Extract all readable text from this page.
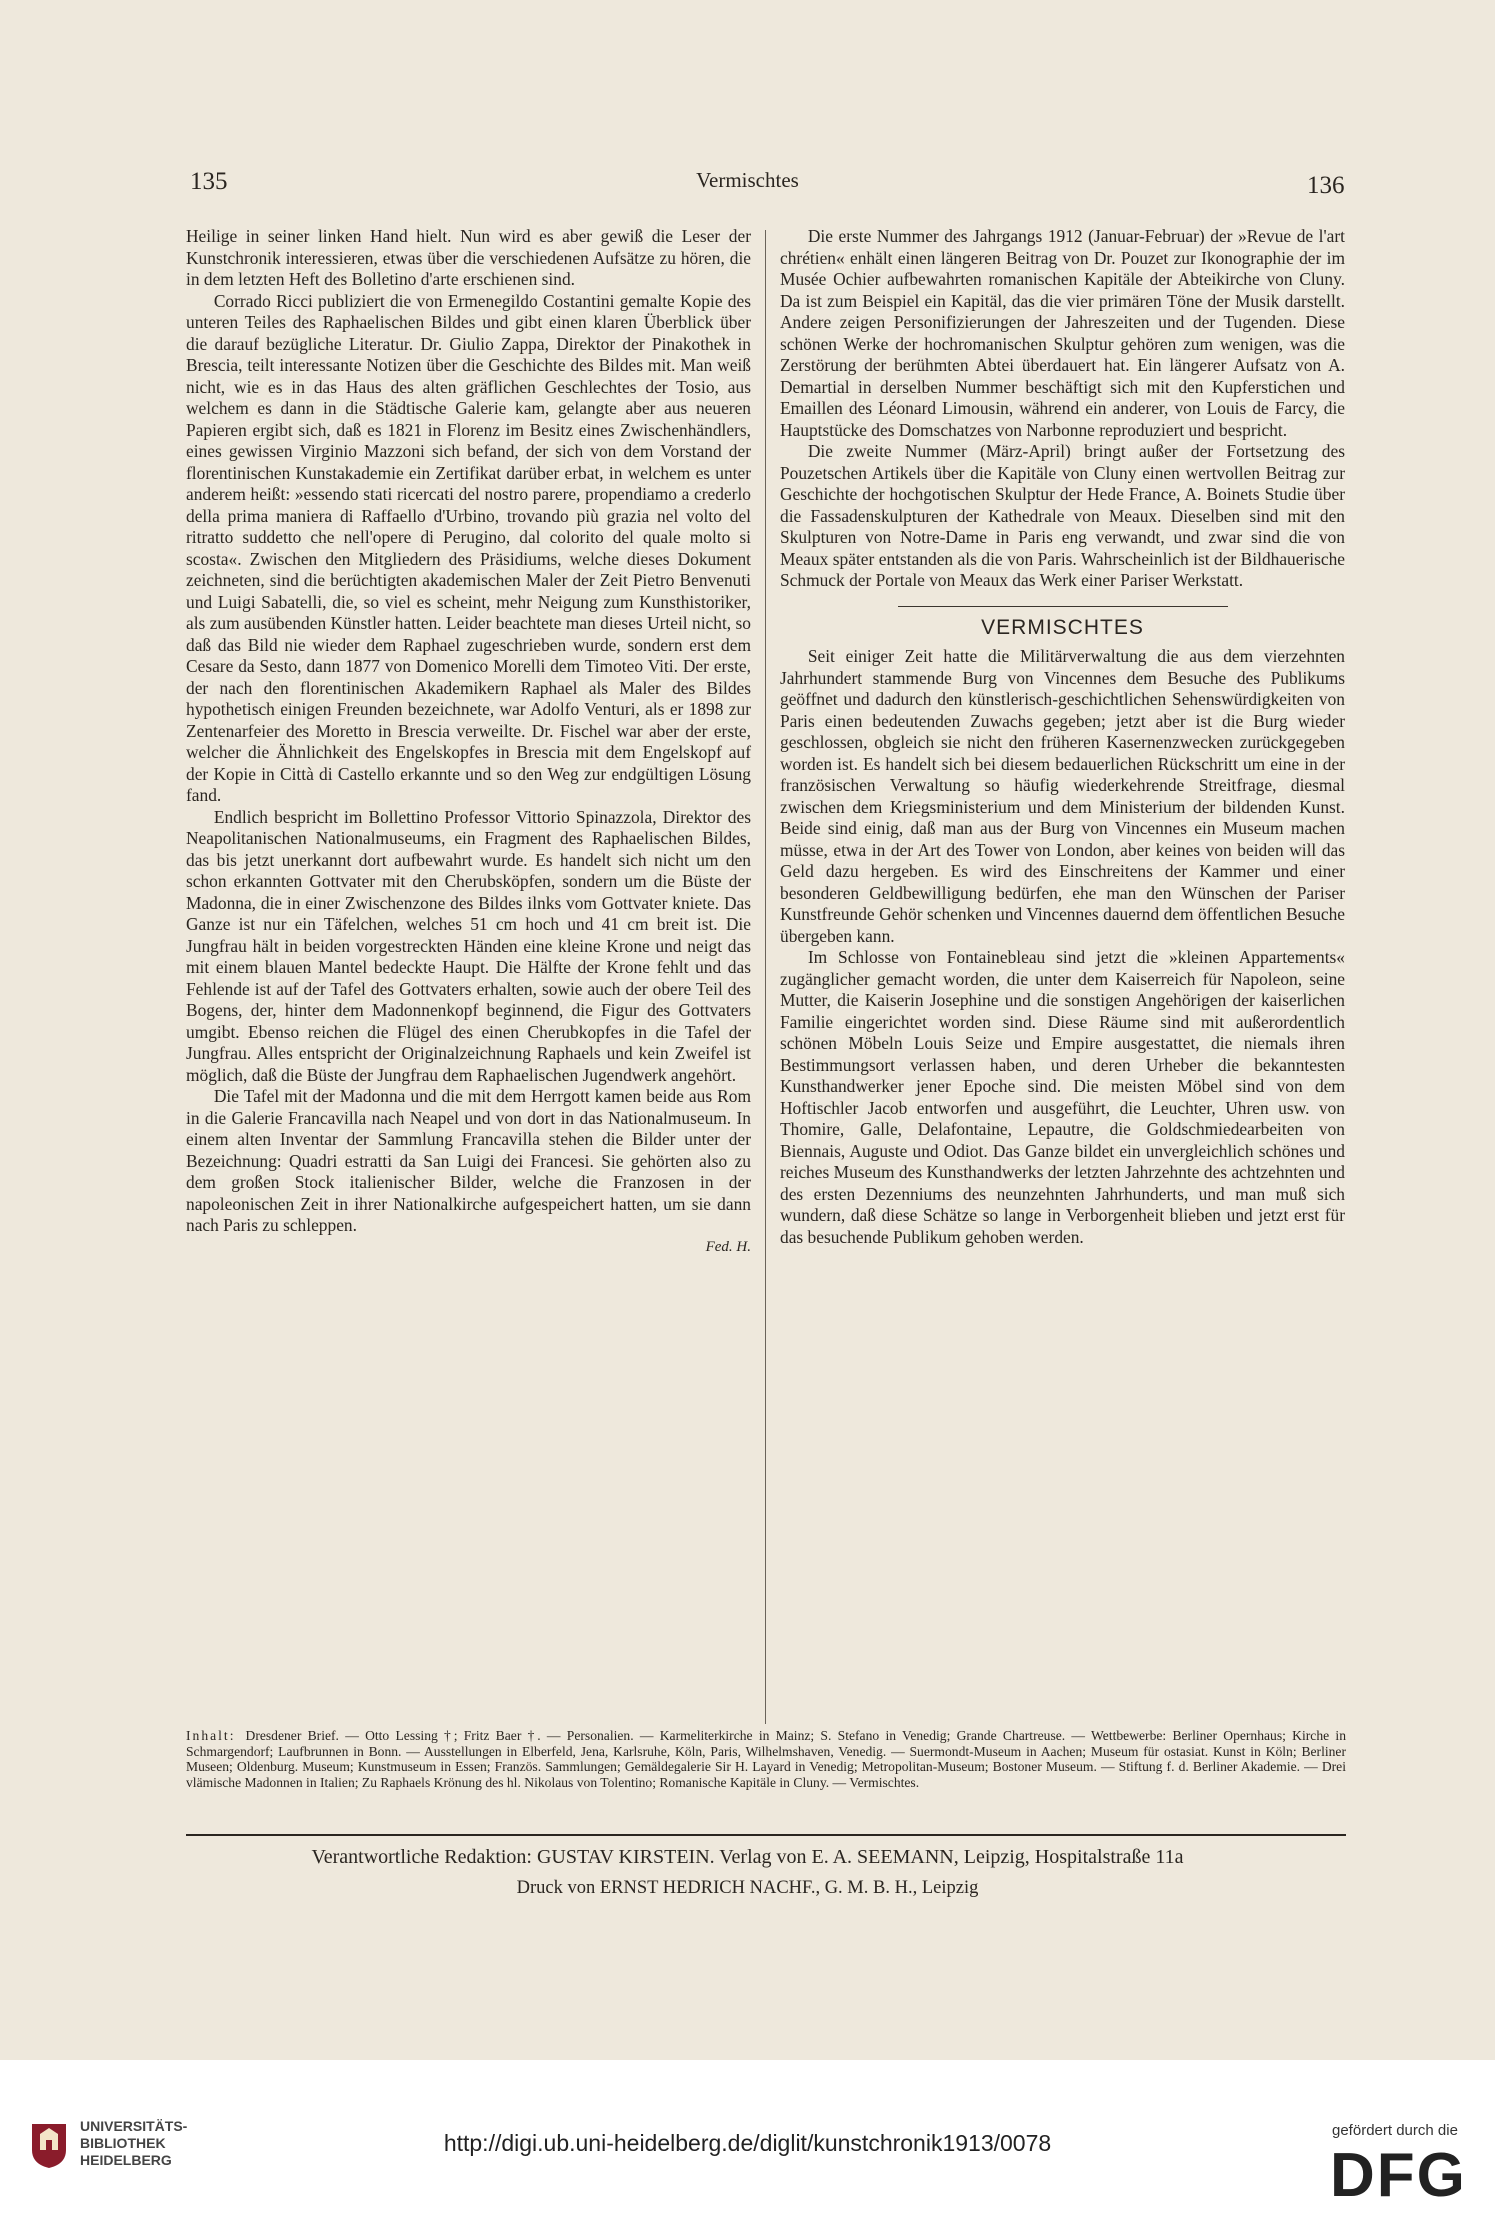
135	Vermischtes	136

Heilige in seiner linken Hand hielt. Nun wird es aber gewiß die Leser der Kunstchronik interessieren, etwas über die verschiedenen Aufsätze zu hören, die in dem letzten Heft des Bolletino d'arte erschienen sind.

Corrado Ricci publiziert die von Ermenegildo Costantini gemalte Kopie des unteren Teiles des Raphaelischen Bildes und gibt einen klaren Überblick über die darauf bezügliche Literatur. Dr. Giulio Zappa, Direktor der Pinakothek in Brescia, teilt interessante Notizen über die Geschichte des Bildes mit. Man weiß nicht, wie es in das Haus des alten gräflichen Geschlechtes der Tosio, aus welchem es dann in die Städtische Galerie kam, gelangte aber aus neueren Papieren ergibt sich, daß es 1821 in Florenz im Besitz eines Zwischenhändlers, eines gewissen Virginio Mazzoni sich befand, der sich von dem Vorstand der florentinischen Kunstakademie ein Zertifikat darüber erbat, in welchem es unter anderem heißt: »essendo stati ricercati del nostro parere, propendiamo a crederlo della prima maniera di Raffaello d'Urbino, trovando più grazia nel volto del ritratto suddetto che nell'opere di Perugino, dal colorito del quale molto si scosta«. Zwischen den Mitgliedern des Präsidiums, welche dieses Dokument zeichneten, sind die berüchtigten akademischen Maler der Zeit Pietro Benvenuti und Luigi Sabatelli, die, so viel es scheint, mehr Neigung zum Kunsthistoriker, als zum ausübenden Künstler hatten. Leider beachtete man dieses Urteil nicht, so daß das Bild nie wieder dem Raphael zugeschrieben wurde, sondern erst dem Cesare da Sesto, dann 1877 von Domenico Morelli dem Timoteo Viti. Der erste, der nach den florentinischen Akademikern Raphael als Maler des Bildes hypothetisch einigen Freunden bezeichnete, war Adolfo Venturi, als er 1898 zur Zentenarfeier des Moretto in Brescia verweilte. Dr. Fischel war aber der erste, welcher die Ähnlichkeit des Engelskopfes in Brescia mit dem Engelskopf auf der Kopie in Città di Castello erkannte und so den Weg zur endgültigen Lösung fand.

Endlich bespricht im Bollettino Professor Vittorio Spinazzola, Direktor des Neapolitanischen Nationalmuseums, ein Fragment des Raphaelischen Bildes, das bis jetzt unerkannt dort aufbewahrt wurde. Es handelt sich nicht um den schon erkannten Gottvater mit den Cherubsköpfen, sondern um die Büste der Madonna, die in einer Zwischenzone des Bildes ilnks vom Gottvater kniete. Das Ganze ist nur ein Täfelchen, welches 51 cm hoch und 41 cm breit ist. Die Jungfrau hält in beiden vorgestreckten Händen eine kleine Krone und neigt das mit einem blauen Mantel bedeckte Haupt. Die Hälfte der Krone fehlt und das Fehlende ist auf der Tafel des Gottvaters erhalten, sowie auch der obere Teil des Bogens, der, hinter dem Madonnenkopf beginnend, die Figur des Gottvaters umgibt. Ebenso reichen die Flügel des einen Cherubkopfes in die Tafel der Jungfrau. Alles entspricht der Originalzeichnung Raphaels und kein Zweifel ist möglich, daß die Büste der Jungfrau dem Raphaelischen Jugendwerk angehört.

Die Tafel mit der Madonna und die mit dem Herrgott kamen beide aus Rom in die Galerie Francavilla nach Neapel und von dort in das Nationalmuseum. In einem alten Inventar der Sammlung Francavilla stehen die Bilder unter der Bezeichnung: Quadri estratti da San Luigi dei Francesi. Sie gehörten also zu dem großen Stock italienischer Bilder, welche die Franzosen in der napoleonischen Zeit in ihrer Nationalkirche aufgespeichert hatten, um sie dann nach Paris zu schleppen.

Fed. H.

Die erste Nummer des Jahrgangs 1912 (Januar-Februar) der »Revue de l'art chrétien« enhält einen längeren Beitrag von Dr. Pouzet zur Ikonographie der im Musée Ochier aufbewahrten romanischen Kapitäle der Abteikirche von Cluny. Da ist zum Beispiel ein Kapitäl, das die vier primären Töne der Musik darstellt. Andere zeigen Personifizierungen der Jahreszeiten und der Tugenden. Diese schönen Werke der hochromanischen Skulptur gehören zum wenigen, was die Zerstörung der berühmten Abtei überdauert hat. Ein längerer Aufsatz von A. Demartial in derselben Nummer beschäftigt sich mit den Kupferstichen und Emaillen des Léonard Limousin, während ein anderer, von Louis de Farcy, die Hauptstücke des Domschatzes von Narbonne reproduziert und bespricht.

Die zweite Nummer (März-April) bringt außer der Fortsetzung des Pouzetschen Artikels über die Kapitäle von Cluny einen wertvollen Beitrag zur Geschichte der hochgotischen Skulptur der Hede France, A. Boinets Studie über die Fassadenskulpturen der Kathedrale von Meaux. Dieselben sind mit den Skulpturen von Notre-Dame in Paris eng verwandt, und zwar sind die von Meaux später entstanden als die von Paris. Wahrscheinlich ist der Bildhauerische Schmuck der Portale von Meaux das Werk einer Pariser Werkstatt.

VERMISCHTES

Seit einiger Zeit hatte die Militärverwaltung die aus dem vierzehnten Jahrhundert stammende Burg von Vincennes dem Besuche des Publikums geöffnet und dadurch den künstlerisch-geschichtlichen Sehenswürdigkeiten von Paris einen bedeutenden Zuwachs gegeben; jetzt aber ist die Burg wieder geschlossen, obgleich sie nicht den früheren Kasernenzwecken zurückgegeben worden ist. Es handelt sich bei diesem bedauerlichen Rückschritt um eine in der französischen Verwaltung so häufig wiederkehrende Streitfrage, diesmal zwischen dem Kriegsministerium und dem Ministerium der bildenden Kunst. Beide sind einig, daß man aus der Burg von Vincennes ein Museum machen müsse, etwa in der Art des Tower von London, aber keines von beiden will das Geld dazu hergeben. Es wird des Einschreitens der Kammer und einer besonderen Geldbewilligung bedürfen, ehe man den Wünschen der Pariser Kunstfreunde Gehör schenken und Vincennes dauernd dem öffentlichen Besuche übergeben kann.

Im Schlosse von Fontainebleau sind jetzt die »kleinen Appartements« zugänglicher gemacht worden, die unter dem Kaiserreich für Napoleon, seine Mutter, die Kaiserin Josephine und die sonstigen Angehörigen der kaiserlichen Familie eingerichtet worden sind. Diese Räume sind mit außerordentlich schönen Möbeln Louis Seize und Empire ausgestattet, die niemals ihren Bestimmungsort verlassen haben, und deren Urheber die bekanntesten Kunsthandwerker jener Epoche sind. Die meisten Möbel sind von dem Hoftischler Jacob entworfen und ausgeführt, die Leuchter, Uhren usw. von Thomire, Galle, Delafontaine, Lepautre, die Goldschmiedearbeiten von Biennais, Auguste und Odiot. Das Ganze bildet ein unvergleichlich schönes und reiches Museum des Kunsthandwerks der letzten Jahrzehnte des achtzehnten und des ersten Dezenniums des neunzehnten Jahrhunderts, und man muß sich wundern, daß diese Schätze so lange in Verborgenheit blieben und jetzt erst für das besuchende Publikum gehoben werden.

Inhalt: Dresdener Brief. — Otto Lessing †; Fritz Baer †. — Personalien. — Karmeliterkirche in Mainz; S. Stefano in Venedig; Grande Chartreuse. — Wettbewerbe: Berliner Opernhaus; Kirche in Schmargendorf; Laufbrunnen in Bonn. — Ausstellungen in Elberfeld, Jena, Karlsruhe, Köln, Paris, Wilhelmshaven, Venedig. — Suermondt-Museum in Aachen; Museum für ostasiat. Kunst in Köln; Berliner Museen; Oldenburg. Museum; Kunstmuseum in Essen; Französ. Sammlungen; Gemäldegalerie Sir H. Layard in Venedig; Metropolitan-Museum; Bostoner Museum. — Stiftung f. d. Berliner Akademie. — Drei vlämische Madonnen in Italien; Zu Raphaels Krönung des hl. Nikolaus von Tolentino; Romanische Kapitäle in Cluny. — Vermischtes.
Verantwortliche Redaktion: GUSTAV KIRSTEIN. Verlag von E. A. SEEMANN, Leipzig, Hospitalstraße 11a
Druck von ERNST HEDRICH NACHF., G. M. B. H., Leipzig
UNIVERSITÄTS-
BIBLIOTHEK
HEIDELBERG
http://digi.ub.uni-heidelberg.de/diglit/kunstchronik1913/0078	gefördert durch die
DFG
